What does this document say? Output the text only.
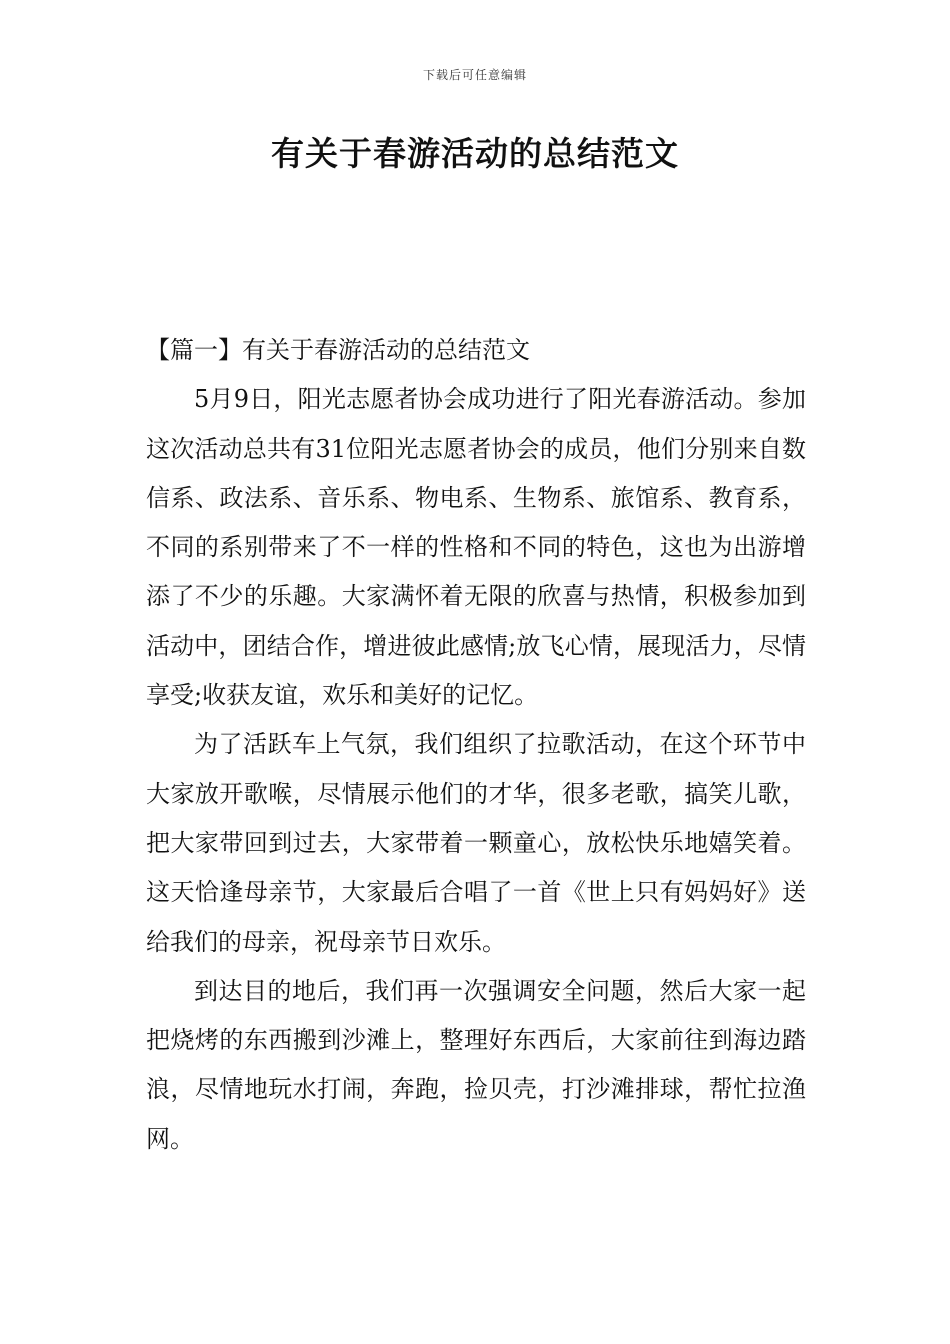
下载后可任意编辑
有关于春游活动的总结范文
【篇一】有关于春游活动的总结范文

5月9日，阳光志愿者协会成功进行了阳光春游活动。参加这次活动总共有31位阳光志愿者协会的成员，他们分别来自数信系、政法系、音乐系、物电系、生物系、旅馆系、教育系，不同的系别带来了不一样的性格和不同的特色，这也为出游增添了不少的乐趣。大家满怀着无限的欣喜与热情，积极参加到活动中，团结合作，增进彼此感情;放飞心情，展现活力，尽情享受;收获友谊，欢乐和美好的记忆。

为了活跃车上气氛，我们组织了拉歌活动，在这个环节中大家放开歌喉，尽情展示他们的才华，很多老歌，搞笑儿歌，把大家带回到过去，大家带着一颗童心，放松快乐地嬉笑着。这天恰逢母亲节，大家最后合唱了一首《世上只有妈妈好》送给我们的母亲，祝母亲节日欢乐。

到达目的地后，我们再一次强调安全问题，然后大家一起把烧烤的东西搬到沙滩上，整理好东西后，大家前往到海边踏浪，尽情地玩水打闹，奔跑，捡贝壳，打沙滩排球，帮忙拉渔网。
